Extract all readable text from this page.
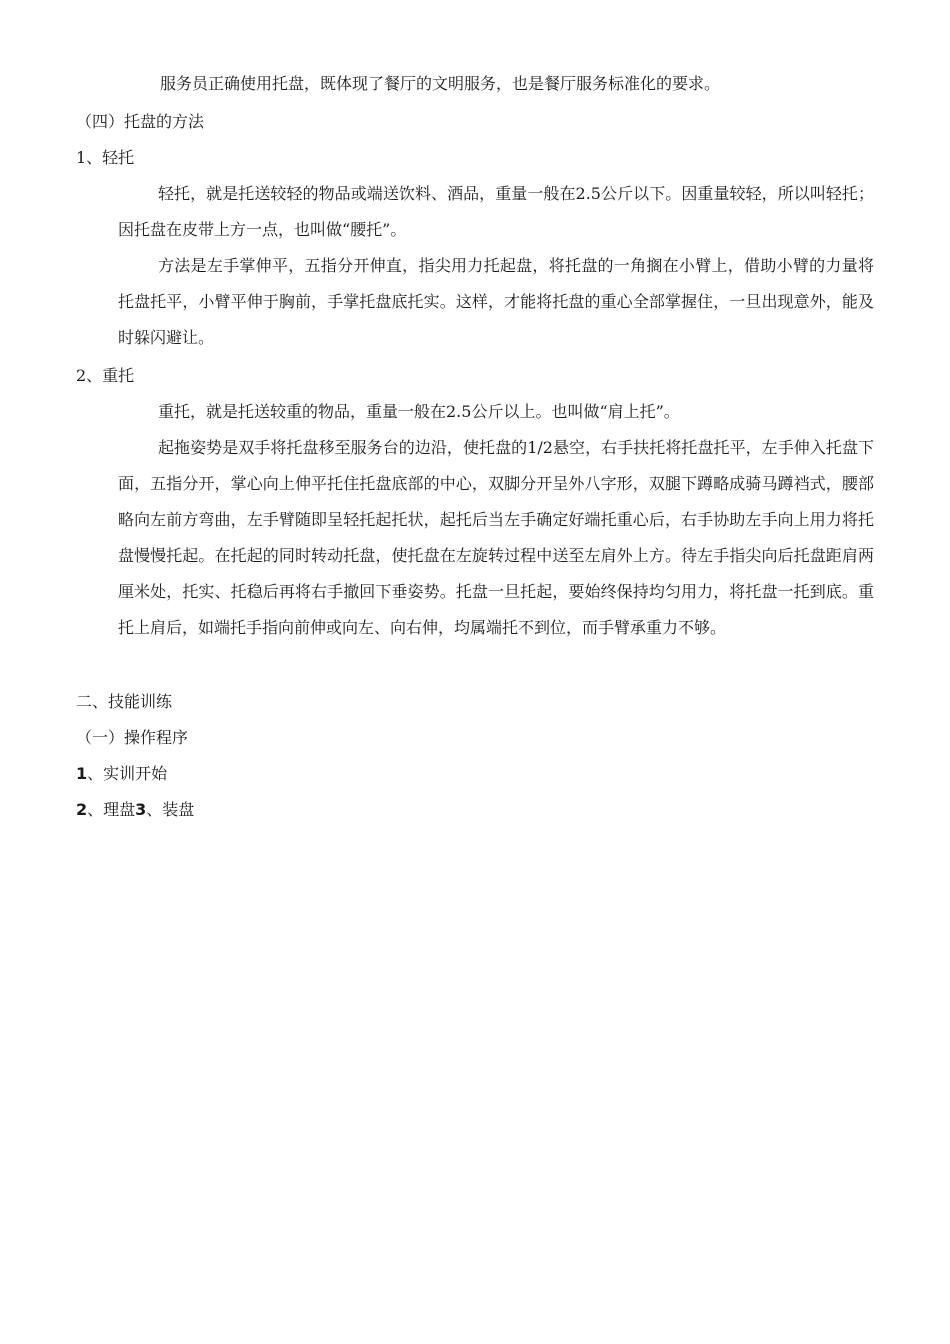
服务员正确使用托盘，既体现了餐厅的文明服务，也是餐厅服务标准化的要求。
（四）托盘的方法
1、轻托
轻托，就是托送较轻的物品或端送饮料、酒品，重量一般在2.5公斤以下。因重量较轻，所以叫轻托；因托盘在皮带上方一点，也叫做“腰托”。
方法是左手掌伸平，五指分开伸直，指尖用力托起盘，将托盘的一角搁在小臂上，借助小臂的力量将托盘托平，小臂平伸于胸前，手掌托盘底托实。这样，才能将托盘的重心全部掌握住，一旦出现意外，能及时躲闪避让。
2、重托
重托，就是托送较重的物品，重量一般在2.5公斤以上。也叫做“肩上托”。
起拖姿势是双手将托盘移至服务台的边沿，使托盘的1/2悬空，右手扶托将托盘托平，左手伸入托盘下面，五指分开，掌心向上伸平托住托盘底部的中心，双脚分开呈外八字形，双腿下蹲略成骑马蹲裆式，腰部略向左前方弯曲，左手臂随即呈轻托起托状，起托后当左手确定好端托重心后，右手协助左手向上用力将托盘慢慢托起。在托起的同时转动托盘，使托盘在左旋转过程中送至左肩外上方。待左手指尖向后托盘距肩两厘米处，托实、托稳后再将右手撤回下垂姿势。托盘一旦托起，要始终保持均匀用力，将托盘一托到底。重托上肩后，如端托手指向前伸或向左、向右伸，均属端托不到位，而手臂承重力不够。
二、技能训练
（一）操作程序
1、实训开始
2、理盘3、装盘
